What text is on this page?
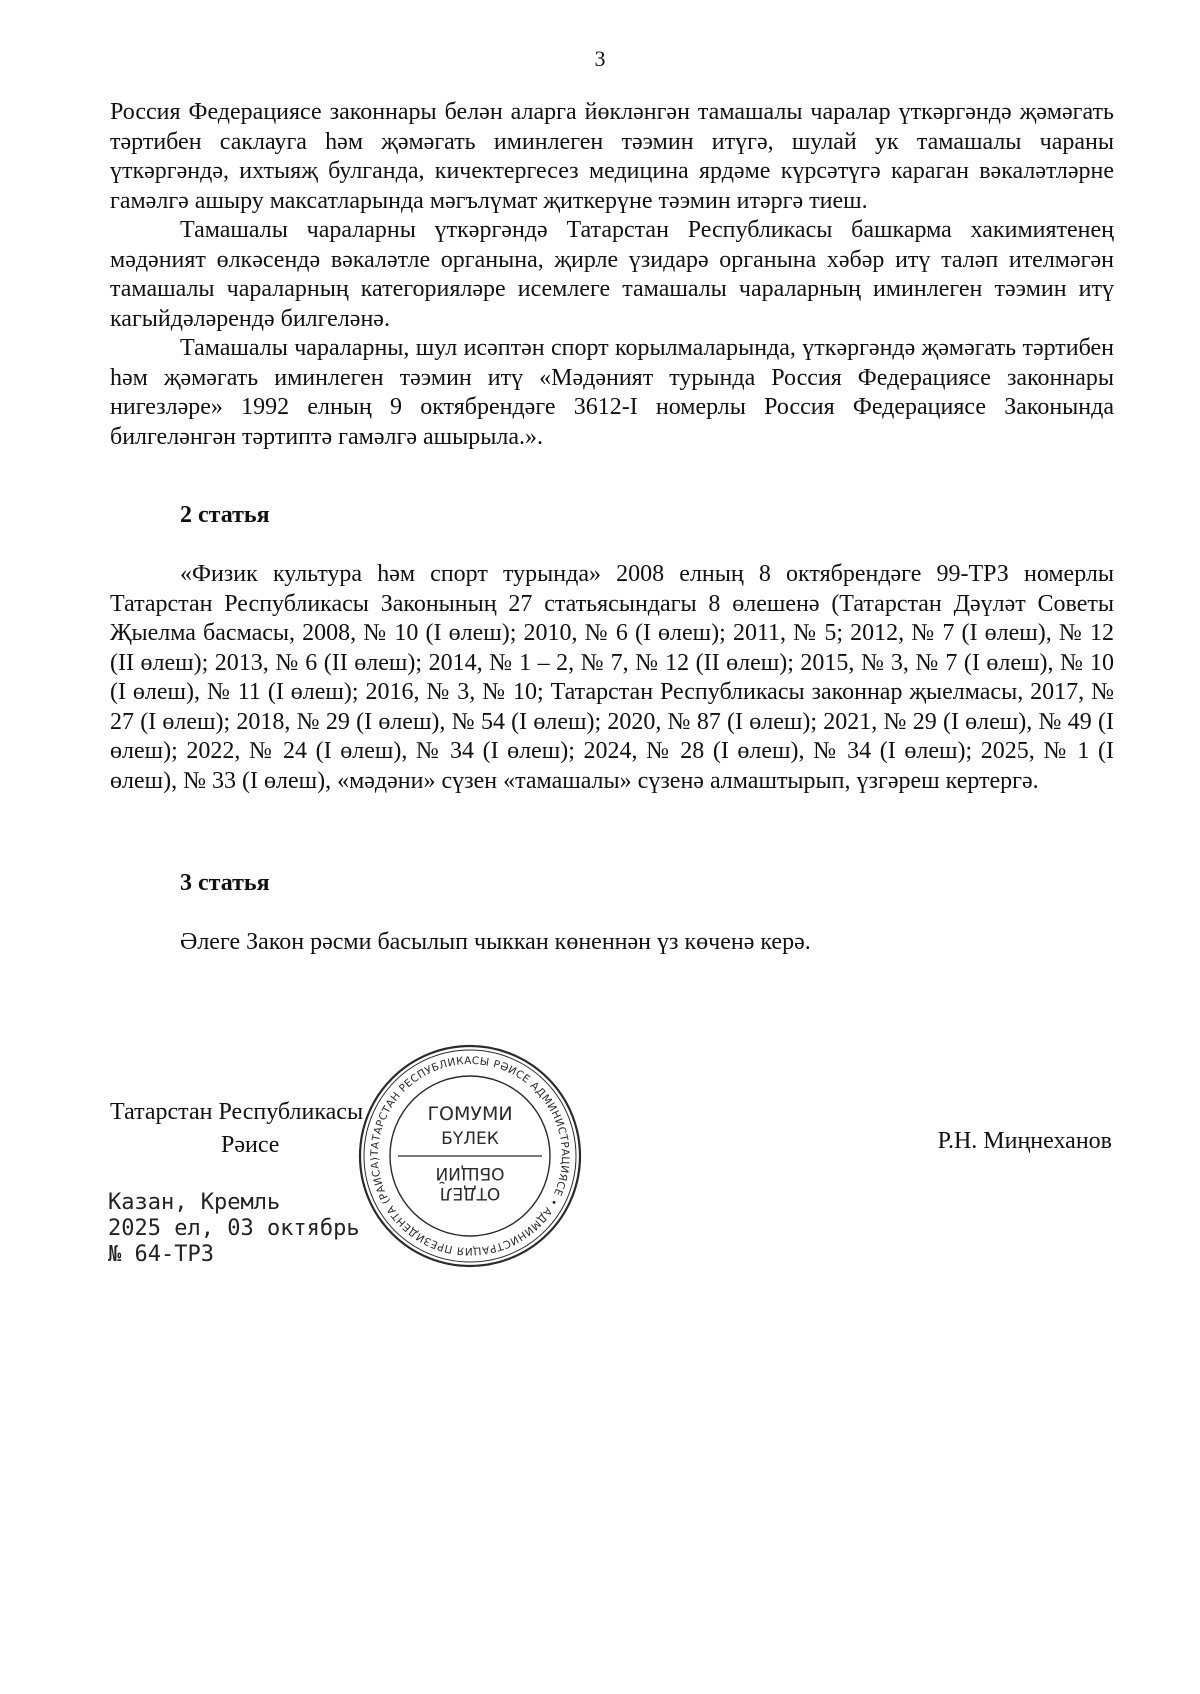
3

Россия Федерациясе законнары белән аларга йөкләнгән тамашалы чаралар үткәргәндә җәмәгать тәртибен саклауга һәм җәмәгать иминлеген тәэмин итүгә, шулай ук тамашалы чараны үткәргәндә, ихтыяҗ булганда, кичектергесез медицина ярдәме күрсәтүгә караган вәкаләтләрне гамәлгә ашыру максатларында мәгълүмат җиткерүне тәэмин итәргә тиеш.

Тамашалы чараларны үткәргәндә Татарстан Республикасы башкарма хакимиятенең мәдәният өлкәсендә вәкаләтле органына, җирле үзидарә органына хәбәр итү таләп ителмәгән тамашалы чараларның категорияләре исемлеге тамашалы чараларның иминлеген тәэмин итү кагыйдәләрендә билгеләнә.

Тамашалы чараларны, шул исәптән спорт корылмаларында, үткәргәндә җәмәгать тәртибен һәм җәмәгать иминлеген тәэмин итү «Мәдәният турында Россия Федерациясе законнары нигезләре» 1992 елның 9 октябрендәге 3612-I номерлы Россия Федерациясе Законында билгеләнгән тәртиптә гамәлгә ашырыла.».

2 статья

«Физик культура һәм спорт турында» 2008 елның 8 октябрендәге 99-ТРЗ номерлы Татарстан Республикасы Законының 27 статьясындагы 8 өлешенә (Татарстан Дәүләт Советы Җыелма басмасы, 2008, № 10 (I өлеш); 2010, № 6 (I өлеш); 2011, № 5; 2012, № 7 (I өлеш), № 12 (II өлеш); 2013, № 6 (II өлеш); 2014, № 1 – 2, № 7, № 12 (II өлеш); 2015, № 3, № 7 (I өлеш), № 10 (I өлеш), № 11 (I өлеш); 2016, № 3, № 10; Татарстан Республикасы законнар җыелмасы, 2017, № 27 (I өлеш); 2018, № 29 (I өлеш), № 54 (I өлеш); 2020, № 87 (I өлеш); 2021, № 29 (I өлеш), № 49 (I өлеш); 2022, № 24 (I өлеш), № 34 (I өлеш); 2024, № 28 (I өлеш), № 34 (I өлеш); 2025, № 1 (I өлеш), № 33 (I өлеш), «мәдәни» сүзен «тамашалы» сүзенә алмаштырып, үзгәреш кертергә.

3 статья

Әлеге Закон рәсми басылып чыккан көненнән үз көченә керә.

Татарстан Республикасы
Рәисе	Р.Н. Миңнеханов
Казан, Кремль
2025 ел, 03 октябрь
№ 64-ТРЗ
ТАТАРСТАН РЕСПУБЛИКАСЫ РӘИСЕ АДМИНИСТРАЦИЯСЕ • АДМИНИСТРАЦИЯ ПРЕЗИДЕНТА (РАИСА)
ГОМУМИ
БҮЛЕК
ОТДЕЛ
ОБЩИЙ
